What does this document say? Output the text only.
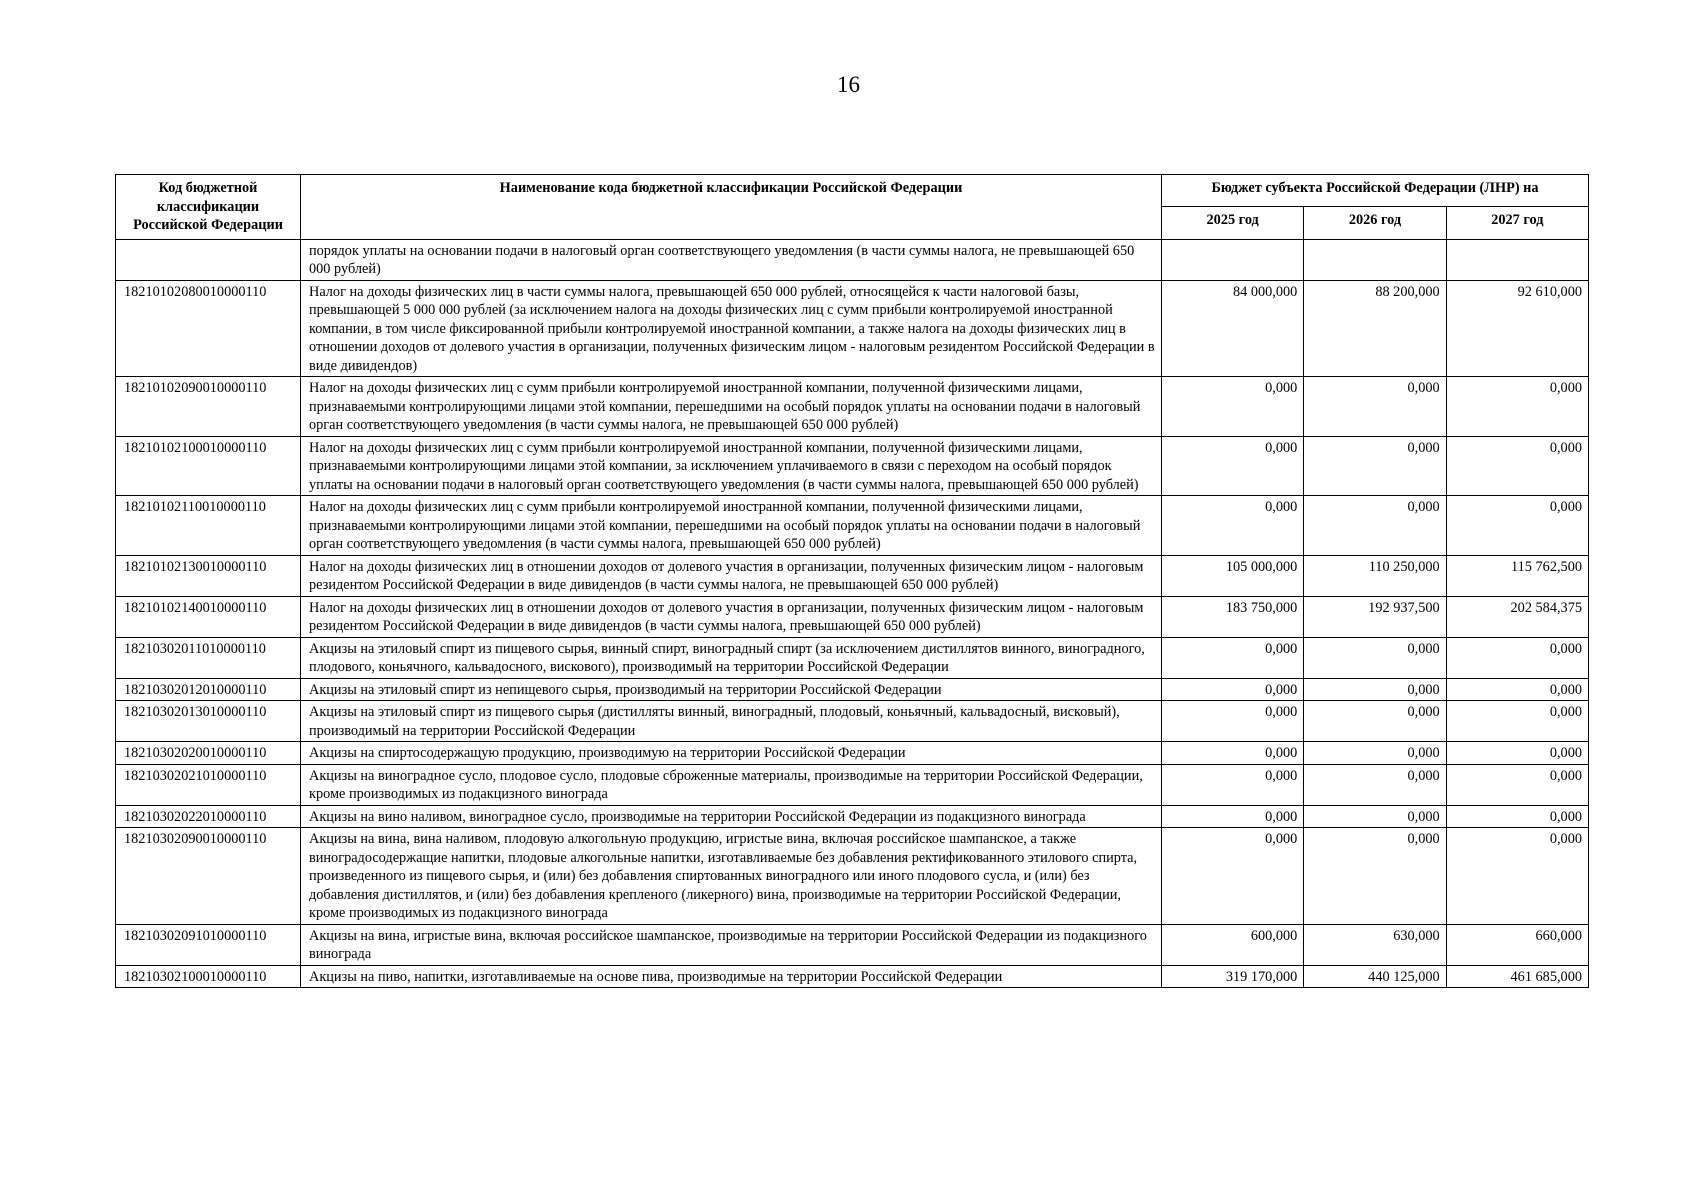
16
Код бюджетной классификации Российской Федерации	Наименование кода бюджетной классификации Российской Федерации	Бюджет субъекта Российской Федерации (ЛНР) на		
		2025 год	2026 год	2027 год
	порядок уплаты на основании подачи в налоговый орган соответствующего уведомления (в части суммы налога, не превышающей 650 000 рублей)			
18210102080010000110	Налог на доходы физических лиц в части суммы налога, превышающей 650 000 рублей, относящейся к части налоговой базы, превышающей 5 000 000 рублей (за исключением налога на доходы физических лиц с сумм прибыли контролируемой иностранной компании, в том числе фиксированной прибыли контролируемой иностранной компании, а также налога на доходы физических лиц в отношении доходов от долевого участия в организации, полученных физическим лицом - налоговым резидентом Российской Федерации в виде дивидендов)	84 000,000	88 200,000	92 610,000
18210102090010000110	Налог на доходы физических лиц с сумм прибыли контролируемой иностранной компании, полученной физическими лицами, признаваемыми контролирующими лицами этой компании, перешедшими на особый порядок уплаты на основании подачи в налоговый орган соответствующего уведомления (в части суммы налога, не превышающей 650 000 рублей)	0,000	0,000	0,000
18210102100010000110	Налог на доходы физических лиц с сумм прибыли контролируемой иностранной компании, полученной физическими лицами, признаваемыми контролирующими лицами этой компании, за исключением уплачиваемого в связи с переходом на особый порядок уплаты на основании подачи в налоговый орган соответствующего уведомления (в части суммы налога, превышающей 650 000 рублей)	0,000	0,000	0,000
18210102110010000110	Налог на доходы физических лиц с сумм прибыли контролируемой иностранной компании, полученной физическими лицами, признаваемыми контролирующими лицами этой компании, перешедшими на особый порядок уплаты на основании подачи в налоговый орган соответствующего уведомления (в части суммы налога, превышающей 650 000 рублей)	0,000	0,000	0,000
18210102130010000110	Налог на доходы физических лиц в отношении доходов от долевого участия в организации, полученных физическим лицом - налоговым резидентом Российской Федерации в виде дивидендов (в части суммы налога, не превышающей 650 000 рублей)	105 000,000	110 250,000	115 762,500
18210102140010000110	Налог на доходы физических лиц в отношении доходов от долевого участия в организации, полученных физическим лицом - налоговым резидентом Российской Федерации в виде дивидендов (в части суммы налога, превышающей 650 000 рублей)	183 750,000	192 937,500	202 584,375
18210302011010000110	Акцизы на этиловый спирт из пищевого сырья, винный спирт, виноградный спирт (за исключением дистиллятов винного, виноградного, плодового, коньячного, кальвадосного, вискового), производимый на территории Российской Федерации	0,000	0,000	0,000
18210302012010000110	Акцизы на этиловый спирт из непищевого сырья, производимый на территории Российской Федерации	0,000	0,000	0,000
18210302013010000110	Акцизы на этиловый спирт из пищевого сырья (дистилляты винный, виноградный, плодовый, коньячный, кальвадосный, висковый), производимый на территории Российской Федерации	0,000	0,000	0,000
18210302020010000110	Акцизы на спиртосодержащую продукцию, производимую на территории Российской Федерации	0,000	0,000	0,000
18210302021010000110	Акцизы на виноградное сусло, плодовое сусло, плодовые сброженные материалы, производимые на территории Российской Федерации, кроме производимых из подакцизного винограда	0,000	0,000	0,000
18210302022010000110	Акцизы на вино наливом, виноградное сусло, производимые на территории Российской Федерации из подакцизного винограда	0,000	0,000	0,000
18210302090010000110	Акцизы на вина, вина наливом, плодовую алкогольную продукцию, игристые вина, включая российское шампанское, а также виноградосодержащие напитки, плодовые алкогольные напитки, изготавливаемые без добавления ректификованного этилового спирта, произведенного из пищевого сырья, и (или) без добавления спиртованных виноградного или иного плодового сусла, и (или) без добавления дистиллятов, и (или) без добавления крепленого (ликерного) вина, производимые на территории Российской Федерации, кроме производимых из подакцизного винограда	0,000	0,000	0,000
18210302091010000110	Акцизы на вина, игристые вина, включая российское шампанское, производимые на территории Российской Федерации из подакцизного винограда	600,000	630,000	660,000
18210302100010000110	Акцизы на пиво, напитки, изготавливаемые на основе пива, производимые на территории Российской Федерации	319 170,000	440 125,000	461 685,000
